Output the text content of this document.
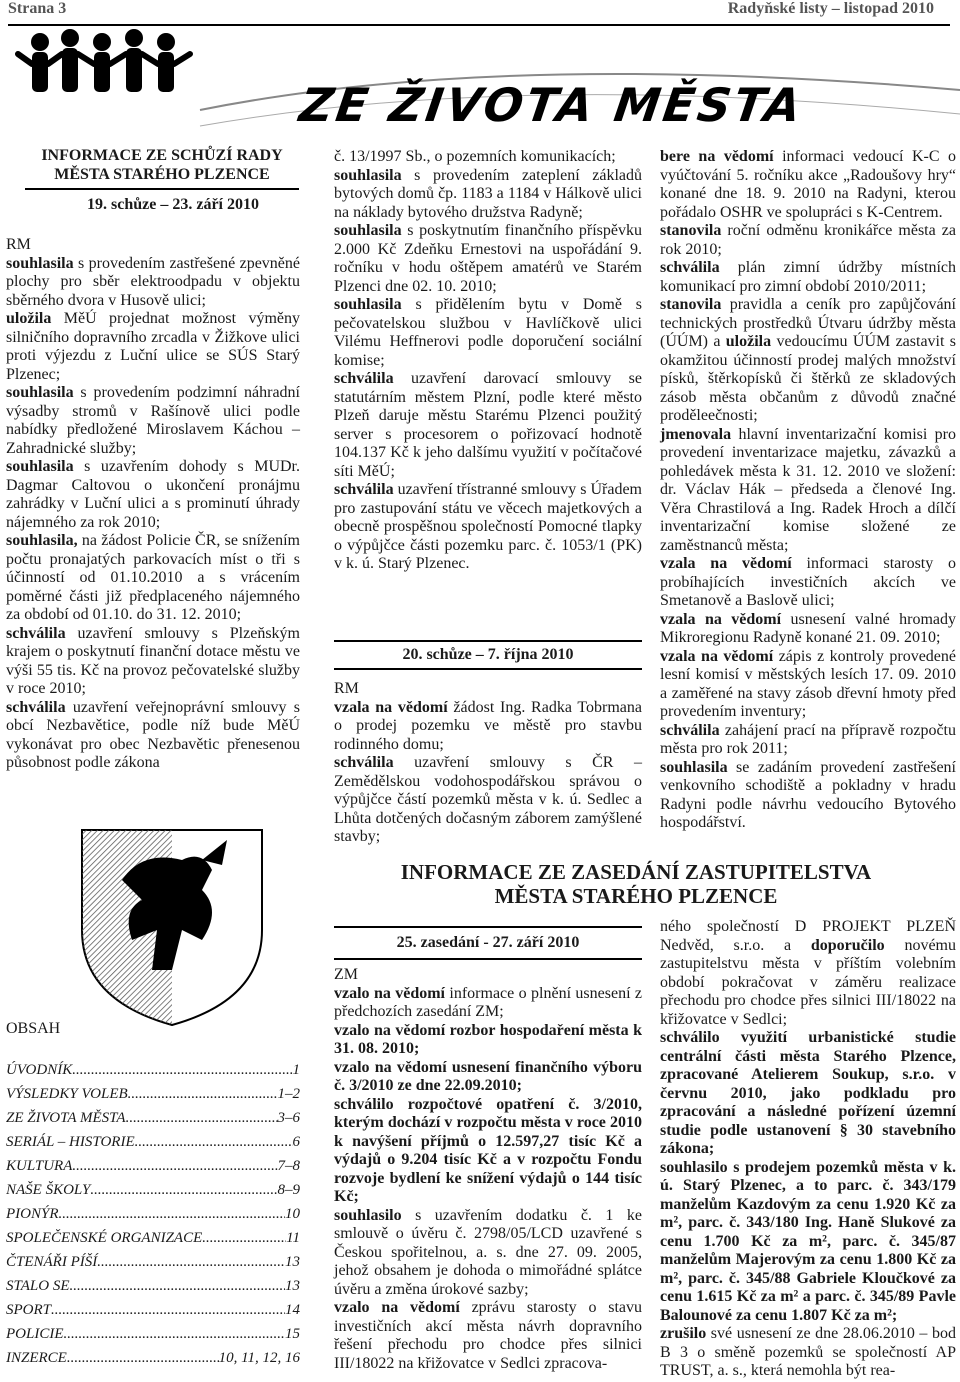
Strana 3	Radyňské listy – listopad 2010
ZE ŽIVOTA MĚSTA
INFORMACE ZE SCHŮZÍ RADY
MĚSTA STARÉHO PLZENCE
19. schůze – 23. září 2010

RM

souhlasila s provedením zastřešené zpevněné plochy pro sběr elektroodpadu v objektu sběrného dvora v Husově ulici;

uložila MěÚ projednat možnost výměny silničního dopravního zrcadla v Žižkove ulici proti výjezdu z Luční ulice se SÚS Starý Plzenec;

souhlasila s provedením podzimní náhradní výsadby stromů v Rašínově ulici podle nabídky předložené Miroslavem Káchou – Zahradnické služby;

souhlasila s uzavřením dohody s MUDr. Dagmar Caltovou o ukončení pronájmu zahrádky v Luční ulici a s prominutí úhrady nájemného za rok 2010;

souhlasila, na žádost Policie ČR, se snížením počtu pronajatých parkovacích míst o tři s účinností od 01.10.2010 a s vrácením poměrné části již předplaceného nájemného za období od 01.10. do 31. 12. 2010;

schválila uzavření smlouvy s Plzeňským krajem o poskytnutí finanční dotace městu ve výši 55 tis. Kč na provoz pečovatelské služby v roce 2010;

schválila uzavření veřejnoprávní smlouvy s obcí Nezbavětice, podle níž bude MěÚ vykonávat pro obec Nezbavětic přenesenou působnost podle zákona

OBSAH
ÚVODNÍK .....	1
VÝSLEDKY VOLEB .....	1–2
ZE ŽIVOTA MĚSTA .....	3–6
SERIÁL – HISTORIE .....	6
KULTURA .....	7–8
NAŠE ŠKOLY .....	8–9
PIONÝR .....	10
SPOLEČENSKÉ ORGANIZACE .....	11
ČTENÁŘI PÍŠÍ .....	13
STALO SE .....	13
SPORT .....	14
POLICIE .....	15
INZERCE .....	10, 11, 12, 16

č. 13/1997 Sb., o pozemních komunikacích;

souhlasila s provedením zateplení základů bytových domů čp. 1183 a 1184 v Hálkově ulici na náklady bytového družstva Radyně;

souhlasila s poskytnutím finančního příspěvku 2.000 Kč Zdeňku Ernestovi na uspořádání 9. ročníku v hodu oštěpem amatérů ve Starém Plzenci dne 02. 10. 2010;

souhlasila s přidělením bytu v Domě s pečovatelskou službou v Havlíčkově ulici Vilému Heffnerovi podle doporučení sociální komise;

schválila uzavření darovací smlouvy se statutárním městem Plzní, podle které město Plzeň daruje městu Starému Plzenci použitý server s procesorem o pořizovací hodnotě 104.137 Kč k jeho dalšímu využití v počítačové síti MěÚ;

schválila uzavření třístranné smlouvy s Úřadem pro zastupování státu ve věcech majetkových a obecně prospěšnou společností Pomocné tlapky o výpůjčce části pozemku parc. č. 1053/1 (PK) v k. ú. Starý Plzenec.

20. schůze – 7. října 2010

RM

vzala na vědomí žádost Ing. Radka Tobrmana o prodej pozemku ve městě pro stavbu rodinného domu;

schválila uzavření smlouvy s ČR – Zemědělskou vodohospodářskou správou o výpůjčce částí pozemků města v k. ú. Sedlec a Lhůta dotčených dočasným záborem zamýšlené stavby;

bere na vědomí informaci vedoucí K-C o vyúčtování 5. ročníku akce „Radoušovy hry“ konané dne 18. 9. 2010 na Radyni, kterou pořádalo OSHR ve spolupráci s K-Centrem.

stanovila roční odměnu kronikářce města za rok 2010;

schválila plán zimní údržby místních komunikací pro zimní období 2010/2011;

stanovila pravidla a ceník pro zapůjčování technických prostředků Útvaru údržby města (ÚÚM) a uložila vedoucímu ÚÚM zastavit s okamžitou účinností prodej malých množství písků, štěrkopísků či štěrků ze skladových zásob města občanům z důvodů značné proděleečnosti;

jmenovala hlavní inventarizační komisi pro provedení inventarizace majetku, závazků a pohledávek města k 31. 12. 2010 ve složení: dr. Václav Hák – předseda a členové Ing. Věra Chrastilová a Ing. Radek Hroch a dílčí inventarizační komise složené ze zaměstnanců města;

vzala na vědomí informaci starosty o probíhajících investičních akcích ve Smetanově a Baslově ulici;

vzala na vědomí usnesení valné hromady Mikroregionu Radyně konané 21. 09. 2010;

vzala na vědomí zápis z kontroly provedené lesní komisí v městských lesích 17. 09. 2010 a zaměřené na stavy zásob dřevní hmoty před provedením inventury;

schválila zahájení prací na přípravě rozpočtu města pro rok 2011;

souhlasila se zadáním provedení zastřešení venkovního schodiště a pokladny v hradu Radyni podle návrhu vedoucího Bytového hospodářství.

INFORMACE ZE ZASEDÁNÍ ZASTUPITELSTVA
MĚSTA STARÉHO PLZENCE
25. zasedání - 27. září 2010

ZM

vzalo na vědomí informace o plnění usnesení z předchozích zasedání ZM;

vzalo na vědomí rozbor hospodaření města k 31. 08. 2010;

vzalo na vědomí usnesení finančního výboru č. 3/2010 ze dne 22.09.2010;

schválilo rozpočtové opatření č. 3/2010, kterým dochází v rozpočtu města v roce 2010 k navýšení příjmů o 12.597,27 tisíc Kč a výdajů o 9.204 tisíc Kč a v rozpočtu Fondu rozvoje bydlení ke snížení výdajů o 144 tisíc Kč;

souhlasilo s uzavřením dodatku č. 1 ke smlouvě o úvěru č. 2798/05/LCD uzavřené s Českou spořitelnou, a. s. dne 27. 09. 2005, jehož obsahem je dohoda o mimořádné splátce úvěru a změna úrokové sazby;

vzalo na vědomí zprávu starosty o stavu investičních akcí města návrh dopravního řešení přechodu pro chodce přes silnici III/18022 na křižovatce v Sedlci zpracova-

ného společností D PROJEKT PLZEŇ Nedvěd, s.r.o. a doporučilo novému zastupitelstvu města v příštím volebním období pokračovat v záměru realizace přechodu pro chodce přes silnici III/18022 na křižovatce v Sedlci;

schválilo využití urbanistické studie centrální části města Starého Plzence, zpracované Atelierem Soukup, s.r.o. v červnu 2010, jako podkladu pro zpracování a následné pořízení územní studie podle ustanovení § 30 stavebního zákona;

souhlasilo s prodejem pozemků města v k. ú. Starý Plzenec, a to parc. č. 343/179 manželům Kazdovým za cenu 1.920 Kč za m², parc. č. 343/180 Ing. Haně Slukové za cenu 1.700 Kč za m², parc. č. 345/87 manželům Majerovým za cenu 1.800 Kč za m², parc. č. 345/88 Gabriele Kloučkové za cenu 1.615 Kč za m² a parc. č. 345/89 Pavle Balounové za cenu 1.807 Kč za m²;

zrušilo své usnesení ze dne 28.06.2010 – bod B 3 o směně pozemků se společností AP TRUST, a. s., která nemohla být rea-
